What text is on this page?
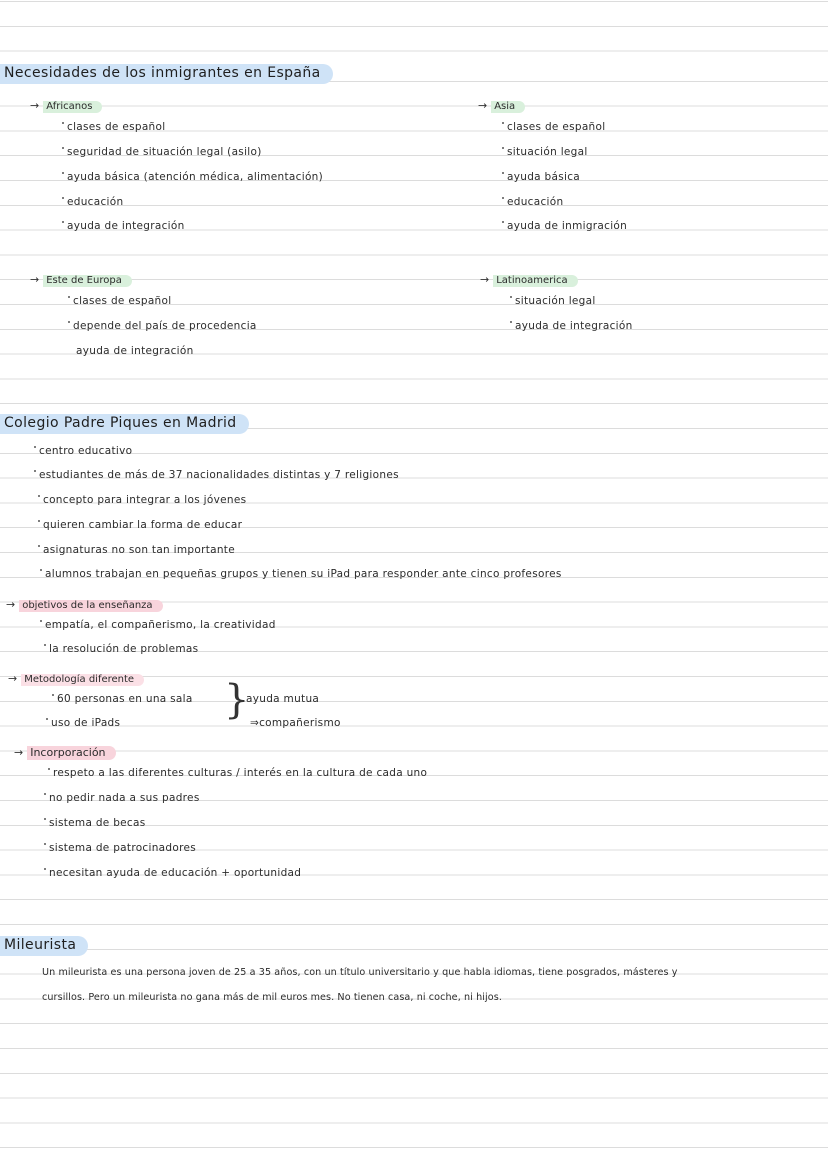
Necesidades de los inmigrantes en España
→ Africanos
clases de español
seguridad de situación legal (asilo)
ayuda básica (atención médica, alimentación)
educación
ayuda de integración
→ Asia
clases de español
situación legal
ayuda básica
educación
ayuda de inmigración
→ Este de Europa
clases de español
depende del país de procedencia
ayuda de integración
→ Latinoamerica
situación legal
ayuda de integración
Colegio Padre Piques en Madrid
centro educativo
estudiantes de más de 37 nacionalidades distintas y 7 religiones
concepto para integrar a los jóvenes
quieren cambiar la forma de educar
asignaturas no son tan importante
alumnos trabajan en pequeñas grupos y tienen su iPad para responder ante cinco profesores
→ objetivos de la enseñanza
empatía, el compañerismo, la creatividad
la resolución de problemas
→ Metodología diferente
60 personas en una sala
uso de iPads	}
ayuda mutua
⇒compañerismo
→ Incorporación
respeto a las diferentes culturas / interés en la cultura de cada uno
no pedir nada a sus padres
sistema de becas
sistema de patrocinadores
necesitan ayuda de educación + oportunidad
Mileurista
Un mileurista es una persona joven de 25 a 35 años, con un título universitario y que habla idiomas, tiene posgrados, másteres y
cursillos. Pero un mileurista no gana más de mil euros mes. No tienen casa, ni coche, ni hijos.
